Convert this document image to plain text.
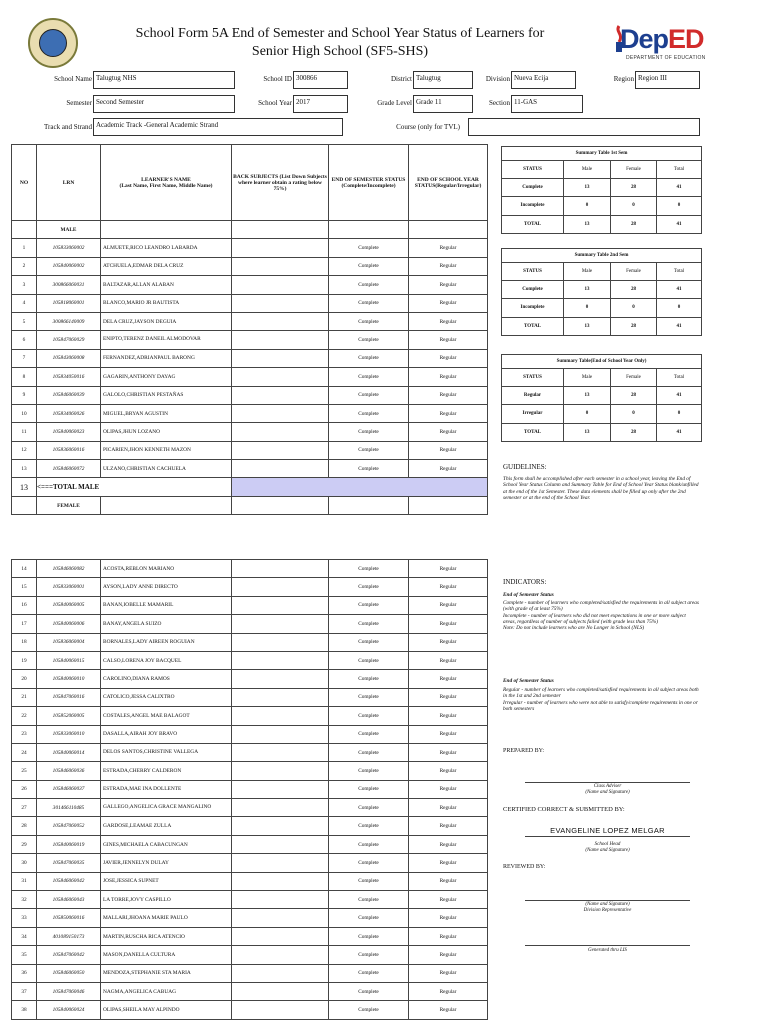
School Form 5A End of Semester and School Year Status of Learners for
Senior High School (SF5-SHS)	DepED
DEPARTMENT OF EDUCATION
School Name Talugtug NHS	School ID 300866	District Talugtug	Division Nueva Ecija	Region Region III
Semester Second Semester	School Year 2017	Grade Level Grade 11	Section 11-GAS
Track and Strand Academic Track -General Academic Strand	Course (only for TVL)
NO	LRN	LEARNER'S NAME
(Last Name, First Name, Middle Name)	BACK SUBJECTS (List Down Subjects where learner obtain a rating below 75%)	END OF SEMESTER STATUS (Complete/Incomplete)	END OF SCHOOL YEAR STATUS(Regular/Irregular)
	MALE				
1	105833060002	ALMUETE,RICO LEANDRO LABARDA		Complete	Regular
2	105840060002	ATCHUELA,EDMAR DELA CRUZ		Complete	Regular
3	300866060031	BALTAZAR,ALLAN ALABAN		Complete	Regular
4	105818060001	BLANCO,MARIO JR BAUTISTA		Complete	Regular
5	300866140009	DELA CRUZ,JAYSON DEGUIA		Complete	Regular
6	105847060029	ENIPTO,TERENZ DANEIL ALMODOVAR		Complete	Regular
7	105843060008	FERNANDEZ,ADRIANPAUL BARONG		Complete	Regular
8	105834050016	GAGARIN,ANTHONY DAYAG		Complete	Regular
9	105846060039	GALOLO,CHRISTIAN PESTAÑAS		Complete	Regular
10	105834060026	MIGUEL,BRYAN AGUSTIN		Complete	Regular
11	105840060023	OLIPAS,JHUN LOZANO		Complete	Regular
12	105836060016	PICARIEN,JHON KENNETH MAZON		Complete	Regular
13	105846060072	ULZANO,CHRISTIAN CACHUELA		Complete	Regular
13	<===TOTAL MALE				
	FEMALE				
14	105846060082	ACOSTA,REBLON MARIANO		Complete	Regular
15	105833060001	AYSON,LADY ANNE DIRECTO		Complete	Regular
16	105840060005	BANAN,IOBELLE MAMARIL		Complete	Regular
17	105840060006	BANAY,ANGELA SUIZO		Complete	Regular
18	105836060004	BORNALES,LADY AIREEN ROGUIAN		Complete	Regular
19	105840060015	CALSO,LORENA JOY BACQUEL		Complete	Regular
20	105840060010	CAROLINO,DIANA RAMOS		Complete	Regular
21	105847060016	CATOLICO,JESSA CALIXTRO		Complete	Regular
22	105852060005	COSTALES,ANGEL MAE BALAGOT		Complete	Regular
23	105833060010	DASALLA,AIRAH JOY BRAVO		Complete	Regular
24	105840060014	DELOS SANTOS,CHRISTINE VALLEGA		Complete	Regular
25	105846060036	ESTRADA,CHERRY CALDERON		Complete	Regular
26	105846060037	ESTRADA,MAE INA DOLLENTE		Complete	Regular
27	301466110485	GALLEGO,ANGELICA GRACE MANGALINO		Complete	Regular
28	105847060052	GARDOSE,LEAMAE ZULLA		Complete	Regular
29	105840060019	GINES,MICHAELA CABACUNGAN		Complete	Regular
30	105847060035	JAVIER,JENNELYN DULAY		Complete	Regular
31	105846060042	JOSE,JESSICA SUPNET		Complete	Regular
32	105846060043	LA TORRE,JOVY CASPILLO		Complete	Regular
33	105850060016	MALLARI,JHOANA MARIE PAULO		Complete	Regular
34	401089150173	MARTIN,RUSCHA RICA ATENCIO		Complete	Regular
35	105847060042	MASON,DANELLA CULTURA		Complete	Regular
36	105846060050	MENDOZA,STEPHANIE STA MARIA		Complete	Regular
37	105847060046	NAGMA,ANGELICA CABUAG		Complete	Regular
38	105840060024	OLIPAS,SHEILA MAY ALPINDO		Complete	Regular
Summary Table 1st Sem			
STATUS	Male	Female	Total
Complete	13	28	41
Incomplete	0	0	0
TOTAL	13	28	41
Summary Table 2nd Sem			
STATUS	Male	Female	Total
Complete	13	28	41
Incomplete	0	0	0
TOTAL	13	28	41
Summary Table(End of School Year Only)			
STATUS	Male	Female	Total
Regular	13	28	41
Irregular	0	0	0
TOTAL	13	28	41
GUIDELINES:
This form shall be accomplished after each semester in a school year, leaving the End of School Year Status Column and Summary Table for End of School Year Status blank/unfilled at the end of the 1st Semester. These data elements shall be filled up only after the 2nd semester or at the end of the School Year.
INDICATORS:
End of Semester Status
Complete - number of learners who completed/satisfied the requirements in all subject areas (with grade of at least 75%)
Incomplete - number of learners who did not meet expectations in one or more subject areas, regardless of number of subjects failed (with grade less than 75%)
Note: Do not include learners who are No Longer in School (NLS)
End of Semester Status
Regular - number of learners who completed/satisfied requirements in all subject areas both in the 1st and 2nd semester
Irregular - number of learners who were not able to satisfy/complete requirements in one or both semesters
PREPARED BY:
Class Adviser
(Name and Signature)
CERTIFIED CORRECT & SUBMITTED BY:
EVANGELINE LOPEZ MELGAR
School Head
(Name and Signature)
REVIEWED BY:
(Name and Signature)
Division Representative
Generated thru LIS
